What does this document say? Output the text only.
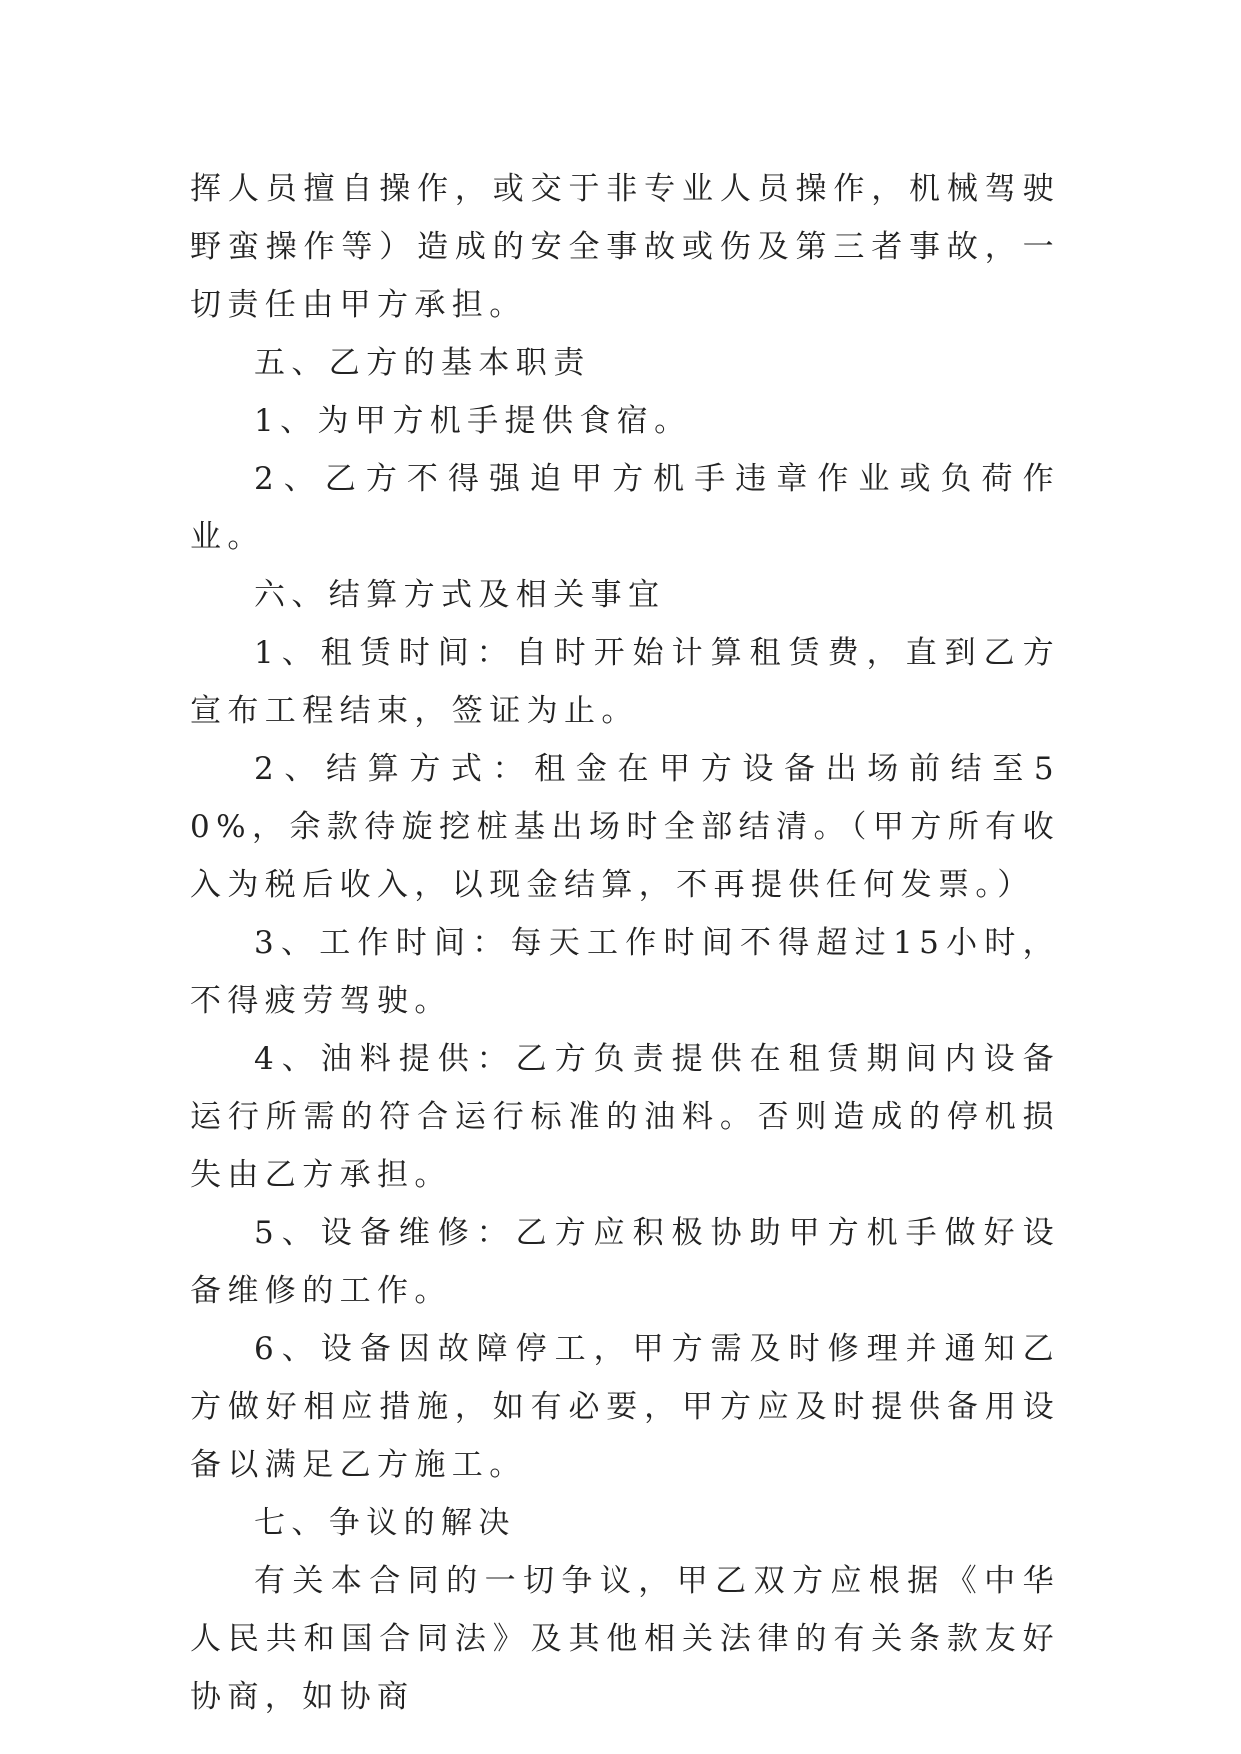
挥人员擅自操作，或交于非专业人员操作，机械驾驶野蛮操作等）造成的安全事故或伤及第三者事故，一切责任由甲方承担。

五、乙方的基本职责

1、为甲方机手提供食宿。

2、乙方不得强迫甲方机手违章作业或负荷作业。

六、结算方式及相关事宜

1、租赁时间：自时开始计算租赁费，直到乙方宣布工程结束，签证为止。

2、结算方式：租金在甲方设备出场前结至50%，余款待旋挖桩基出场时全部结清。（甲方所有收入为税后收入，以现金结算，不再提供任何发票。）

3、工作时间：每天工作时间不得超过15小时，不得疲劳驾驶。

4、油料提供：乙方负责提供在租赁期间内设备运行所需的符合运行标准的油料。否则造成的停机损失由乙方承担。

5、设备维修：乙方应积极协助甲方机手做好设备维修的工作。

6、设备因故障停工，甲方需及时修理并通知乙方做好相应措施，如有必要，甲方应及时提供备用设备以满足乙方施工。

七、争议的解决

有关本合同的一切争议，甲乙双方应根据《中华人民共和国合同法》及其他相关法律的有关条款友好协商，如协商
